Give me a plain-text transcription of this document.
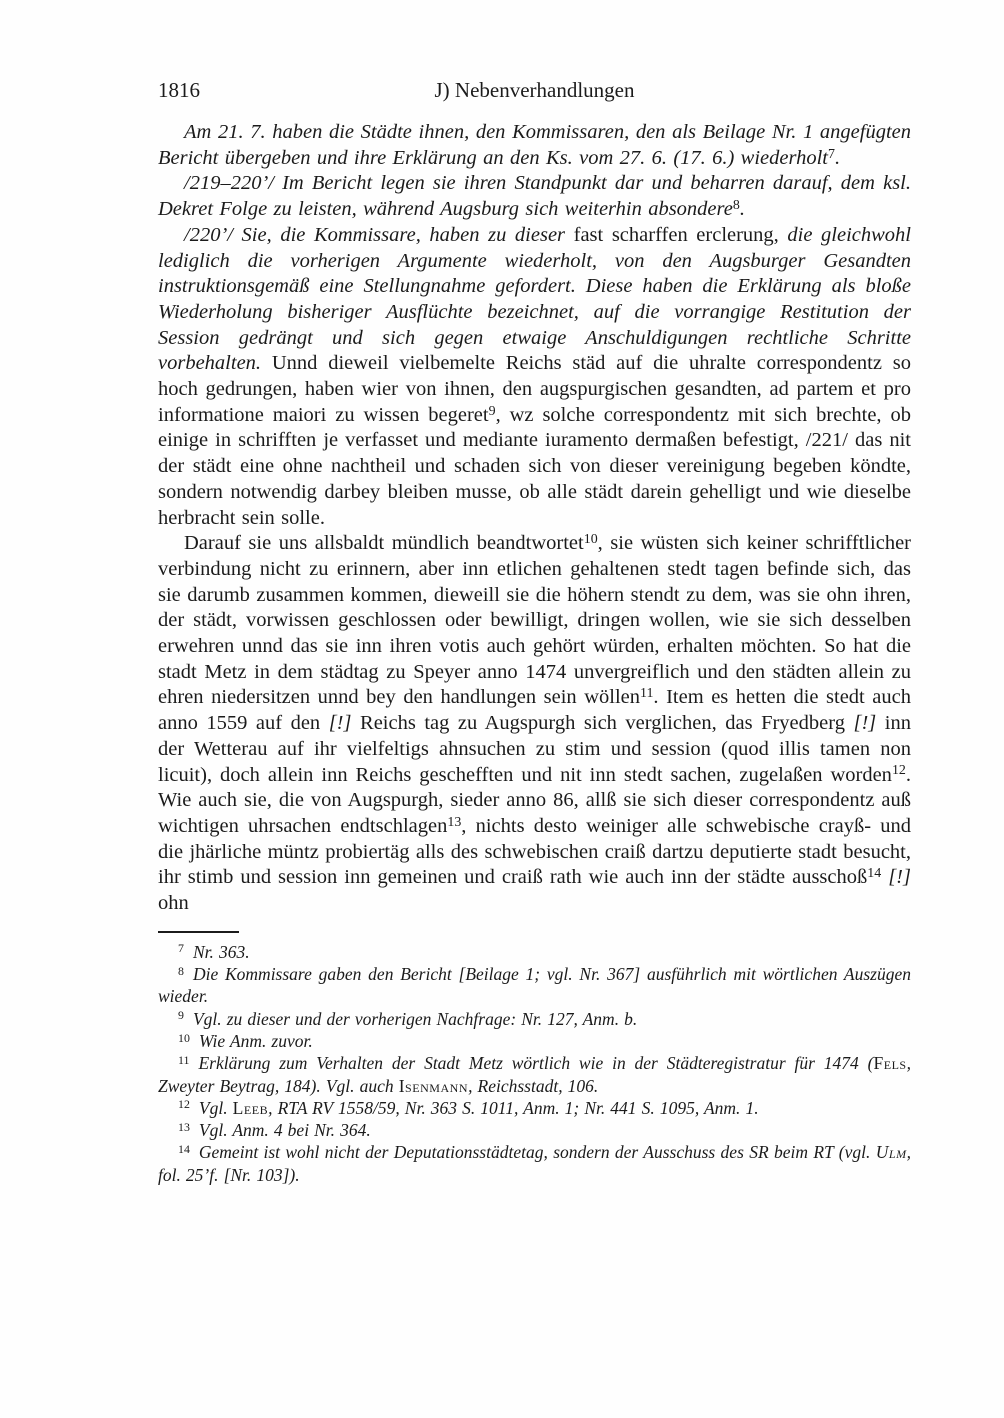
1816	J) Nebenverhandlungen

Am 21. 7. haben die Städte ihnen, den Kommissaren, den als Beilage Nr. 1 angefügten Bericht übergeben und ihre Erklärung an den Ks. vom 27. 6. (17. 6.) wiederholt$^7$.

/219–220’/ Im Bericht legen sie ihren Standpunkt dar und beharren darauf, dem ksl. Dekret Folge zu leisten, während Augsburg sich weiterhin absondere$^8$.

/220’/ Sie, die Kommissare, haben zu dieser fast scharffen erclerung, die gleichwohl lediglich die vorherigen Argumente wiederholt, von den Augsburger Gesandten instruktionsgemäß eine Stellungnahme gefordert. Diese haben die Erklärung als bloße Wiederholung bisheriger Ausflüchte bezeichnet, auf die vorrangige Restitution der Session gedrängt und sich gegen etwaige Anschuldigungen rechtliche Schritte vorbehalten. Unnd dieweil vielbemelte Reichs städ auf die uhralte correspondentz so hoch gedrungen, haben wier von ihnen, den augspurgischen gesandten, ad partem et pro informatione maiori zu wissen begeret$^9$, wz solche correspondentz mit sich brechte, ob einige in schrifften je verfasset und mediante iuramento dermaßen befestigt, /221/ das nit der städt eine ohne nachtheil und schaden sich von dieser vereinigung begeben köndte, sondern notwendig darbey bleiben musse, ob alle städt darein gehelligt und wie dieselbe herbracht sein solle.

Darauf sie uns allsbaldt mündlich beandtwortet$^{10}$, sie wüsten sich keiner schrifftlicher verbindung nicht zu erinnern, aber inn etlichen gehaltenen stedt tagen befinde sich, das sie darumb zusammen kommen, dieweill sie die höhern stendt zu dem, was sie ohn ihren, der städt, vorwissen geschlossen oder bewilligt, dringen wollen, wie sie sich desselben erwehren unnd das sie inn ihren votis auch gehört würden, erhalten möchten. So hat die stadt Metz in dem städtag zu Speyer anno 1474 unvergreiflich und den städten allein zu ehren niedersitzen unnd bey den handlungen sein wöllen$^{11}$. Item es hetten die stedt auch anno 1559 auf den [!] Reichs tag zu Augspurgh sich verglichen, das Fryedberg [!] inn der Wetterau auf ihr vielfeltigs ahnsuchen zu stim und session (quod illis tamen non licuit), doch allein inn Reichs geschefften und nit inn stedt sachen, zugelaßen worden$^{12}$. Wie auch sie, die von Augspurgh, sieder anno 86, allß sie sich dieser correspondentz auß wichtigen uhrsachen endtschlagen$^{13}$, nichts desto weiniger alle schwebische crayß- und die jhärliche müntz probiertäg alls des schwebischen craiß dartzu deputierte stadt besucht, ihr stimb und session inn gemeinen und craiß rath wie auch inn der städte ausschoß$^{14}$ [!] ohn

$^7$ Nr. 363.

$^8$ Die Kommissare gaben den Bericht [Beilage 1; vgl. Nr. 367] ausführlich mit wörtlichen Auszügen wieder.

$^9$ Vgl. zu dieser und der vorherigen Nachfrage: Nr. 127, Anm. b.

$^{10}$ Wie Anm. zuvor.

$^{11}$ Erklärung zum Verhalten der Stadt Metz wörtlich wie in der Städteregistratur für 1474 (Fels, Zweyter Beytrag, 184). Vgl. auch Isenmann, Reichsstadt, 106.

$^{12}$ Vgl. Leeb, RTA RV 1558/59, Nr. 363 S. 1011, Anm. 1; Nr. 441 S. 1095, Anm. 1.

$^{13}$ Vgl. Anm. 4 bei Nr. 364.

$^{14}$ Gemeint ist wohl nicht der Deputationsstädtetag, sondern der Ausschuss des SR beim RT (vgl. Ulm, fol. 25’f. [Nr. 103]).
